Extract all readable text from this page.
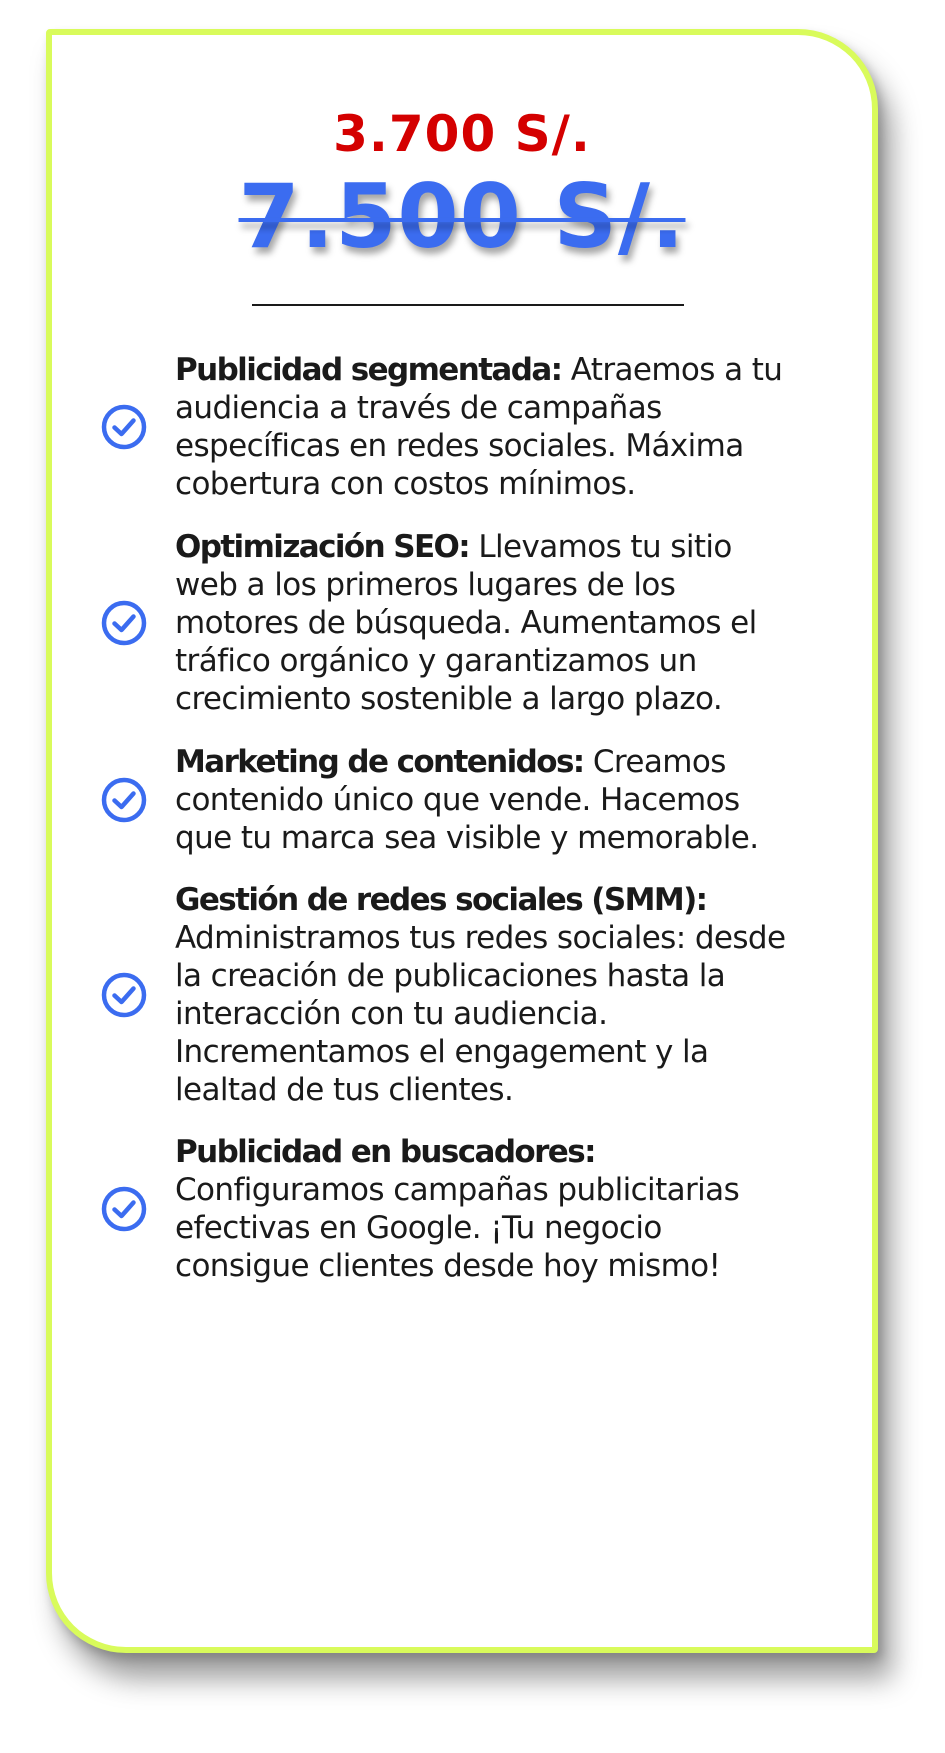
3.700 S/.
7.500 S/.
Publicidad segmentada: Atraemos a tu audiencia a través de campañas específicas en redes sociales. Máxima cobertura con costos mínimos.
Optimización SEO: Llevamos tu sitio web a los primeros lugares de los motores de búsqueda. Aumentamos el tráfico orgánico y garantizamos un crecimiento sostenible a largo plazo.
Marketing de contenidos: Creamos contenido único que vende. Hacemos que tu marca sea visible y memorable.
Gestión de redes sociales (SMM): Administramos tus redes sociales: desde la creación de publicaciones hasta la interacción con tu audiencia. Incrementamos el engagement y la lealtad de tus clientes.
Publicidad en buscadores: Configuramos campañas publicitarias efectivas en Google. ¡Tu negocio consigue clientes desde hoy mismo!
